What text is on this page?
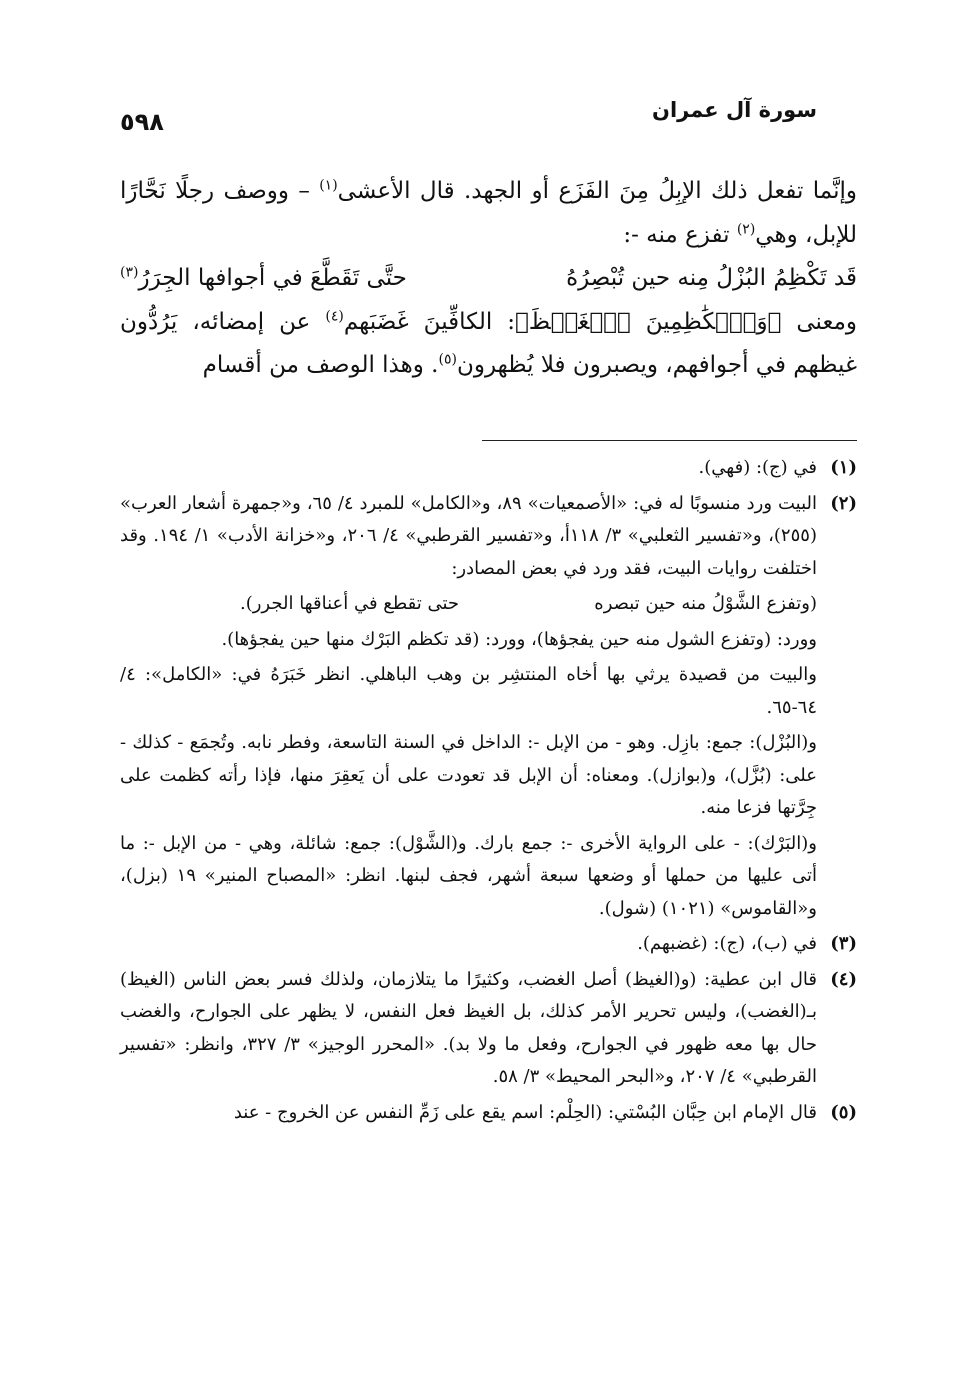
سورة آل عمران
٥٩٨

وإنَّما تفعل ذلك الإبِلُ مِنَ الفَزَع أو الجهد. قال الأعشى$^{(١)}$ – ووصف رجلًا نَحَّارًا للإبل، وهي$^{(٢)}$ تفزع منه -:

قَد تَكْظِمُ البُزْلُ مِنه حين تُبْصِرُهُ
حتَّى تَقَطَّعَ في أجوافها الجِرَرُ$^{(٣)}$

ومعنى ﴿وَٱلۡكَٰظِمِينَ ٱلۡغَيۡظَ﴾: الكافِّينَ غَضَبَهم$^{(٤)}$ عن إمضائه، يَرُدُّون غيظهم في أجوافهم، ويصبرون فلا يُظهرون$^{(٥)}$. وهذا الوصف من أقسام

(١)

في (ج): (فهي).

(٢)

البيت ورد منسوبًا له في: «الأصمعيات» ٨٩، و«الكامل» للمبرد ٤/ ٦٥، و«جمهرة أشعار العرب» (٢٥٥)، و«تفسير الثعلبي» ٣/ ١١٨أ، و«تفسير القرطبي» ٤/ ٢٠٦، و«خزانة الأدب» ١/ ١٩٤. وقد اختلفت روايات البيت، فقد ورد في بعض المصادر:

(وتفزع الشَّوْلُ منه حين تبصره
حتى تقطع في أعناقها الجرر).

وورد: (وتفزع الشول منه حين يفجؤها)، وورد: (قد تكظم البَرْك منها حين يفجؤها).

والبيت من قصيدة يرثي بها أخاه المنتشِر بن وهب الباهلي. انظر خَبَرَهُ في: «الكامل»: ٤/ ٦٤-٦٥.

و(البُزْل): جمع: بازِل. وهو - من الإبل -: الداخل في السنة التاسعة، وفطر نابه. وتُجمَع - كذلك - على: (بُزَّل)، و(بوازل). ومعناه: أن الإبل قد تعودت على أن يَعقِرَ منها، فإذا رأته كظمت على جِرَّتها فزعا منه.

و(البَرْك): - على الرواية الأخرى -: جمع بارك. و(الشَّوْل): جمع: شائلة، وهي - من الإبل -: ما أتى عليها من حملها أو وضعها سبعة أشهر، فجف لبنها. انظر: «المصباح المنير» ١٩ (بزل)، و«القاموس» (١٠٢١) (شول).

(٣)

في (ب)، (ج): (غضبهم).

(٤)

قال ابن عطية: (و(الغيظ) أصل الغضب، وكثيرًا ما يتلازمان، ولذلك فسر بعض الناس (الغيظ) بـ(الغضب)، وليس تحرير الأمر كذلك، بل الغيظ فعل النفس، لا يظهر على الجوارح، والغضب حال بها معه ظهور في الجوارح، وفعل ما ولا بد). «المحرر الوجيز» ٣/ ٣٢٧، وانظر: «تفسير القرطبي» ٤/ ٢٠٧، و«البحر المحيط» ٣/ ٥٨.

(٥)

قال الإمام ابن حِبَّان البُسْتي: (الحِلْم: اسم يقع على زَمِّ النفس عن الخروج - عند
